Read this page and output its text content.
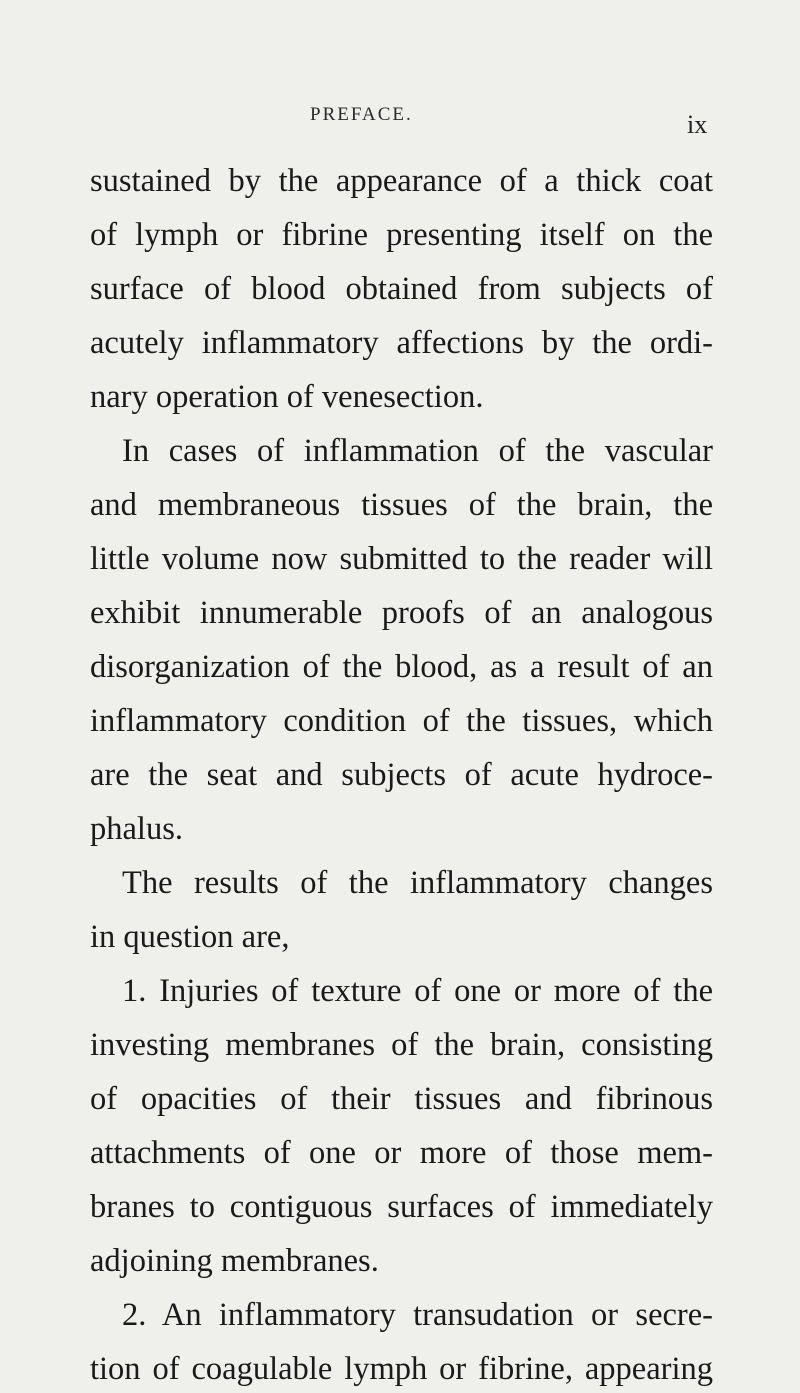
PREFACE.	ix
sustained by the appearance of a thick coat
of lymph or fibrine presenting itself on the
surface of blood obtained from subjects of
acutely inflammatory affections by the ordi-
nary operation of venesection.
In cases of inflammation of the vascular
and membraneous tissues of the brain, the
little volume now submitted to the reader will
exhibit innumerable proofs of an analogous
disorganization of the blood, as a result of an
inflammatory condition of the tissues, which
are the seat and subjects of acute hydroce-
phalus.
The results of the inflammatory changes
in question are,
1. Injuries of texture of one or more of the
investing membranes of the brain, consisting
of opacities of their tissues and fibrinous
attachments of one or more of those mem-
branes to contiguous surfaces of immediately
adjoining membranes.
2. An inflammatory transudation or secre-
tion of coagulable lymph or fibrine, appearing
